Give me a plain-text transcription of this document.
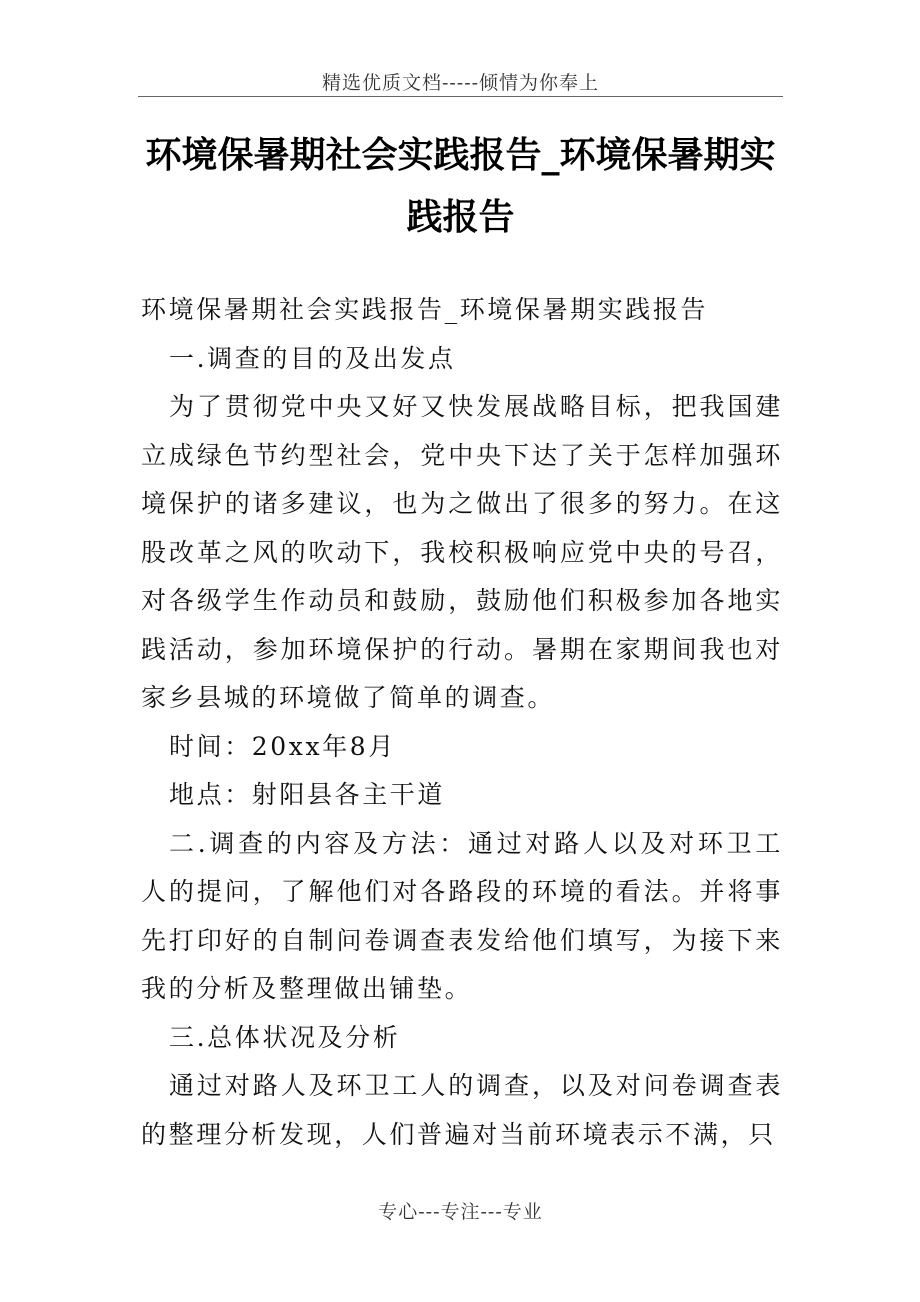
精选优质文档-----倾情为你奉上
环境保暑期社会实践报告_环境保暑期实践报告

环境保暑期社会实践报告_环境保暑期实践报告

一.调查的目的及出发点

为了贯彻党中央又好又快发展战略目标，把我国建立成绿色节约型社会，党中央下达了关于怎样加强环境保护的诸多建议，也为之做出了很多的努力。在这股改革之风的吹动下，我校积极响应党中央的号召，对各级学生作动员和鼓励，鼓励他们积极参加各地实践活动，参加环境保护的行动。暑期在家期间我也对家乡县城的环境做了简单的调查。

时间：20xx年8月

地点：射阳县各主干道

二.调查的内容及方法：通过对路人以及对环卫工人的提问，了解他们对各路段的环境的看法。并将事先打印好的自制问卷调查表发给他们填写，为接下来我的分析及整理做出铺垫。

三.总体状况及分析

通过对路人及环卫工人的调查，以及对问卷调查表的整理分析发现，人们普遍对当前环境表示不满，只

专心---专注---专业
